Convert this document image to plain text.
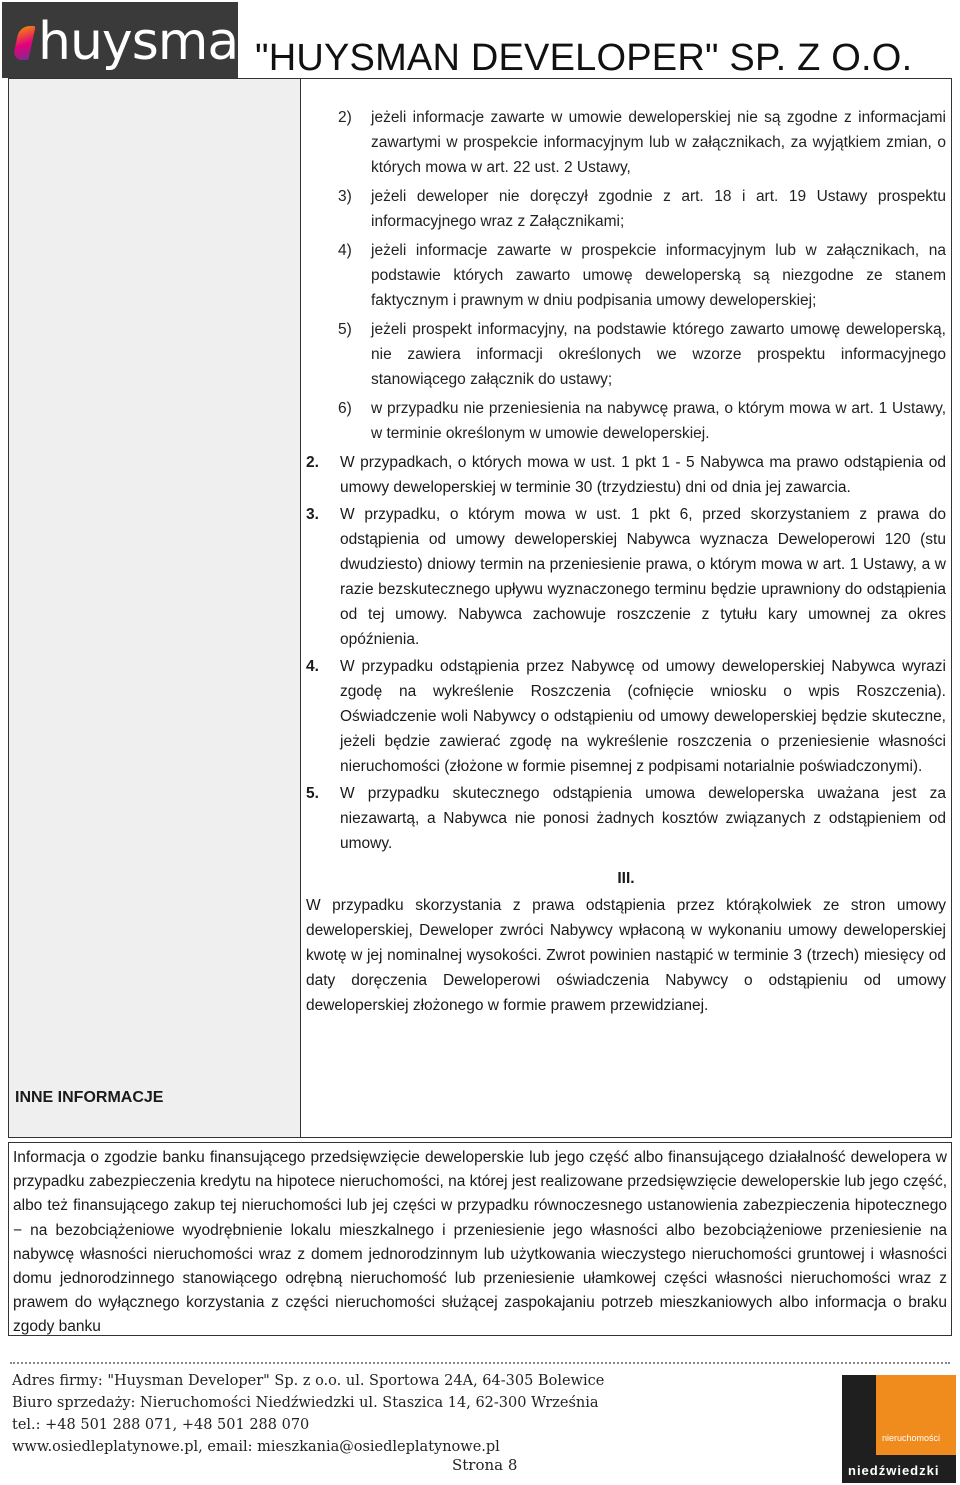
huysman
"HUYSMAN DEVELOPER" SP. Z O.O.
INNE INFORMACJE
2) jeżeli informacje zawarte w umowie deweloperskiej nie są zgodne z informacjami zawartymi w prospekcie informacyjnym lub w załącznikach, za wyjątkiem zmian, o których mowa w art. 22 ust. 2 Ustawy,
3) jeżeli deweloper nie doręczył zgodnie z art. 18 i art. 19 Ustawy prospektu informacyjnego wraz z Załącznikami;
4) jeżeli informacje zawarte w prospekcie informacyjnym lub w załącznikach, na podstawie których zawarto umowę deweloperską są niezgodne ze stanem faktycznym i prawnym w dniu podpisania umowy deweloperskiej;
5) jeżeli prospekt informacyjny, na podstawie którego zawarto umowę deweloperską, nie zawiera informacji określonych we wzorze prospektu informacyjnego stanowiącego załącznik do ustawy;
6) w przypadku nie przeniesienia na nabywcę prawa, o którym mowa w art. 1 Ustawy, w terminie określonym w umowie deweloperskiej.
2. W przypadkach, o których mowa w ust. 1 pkt 1 - 5 Nabywca ma prawo odstąpienia od umowy deweloperskiej w terminie 30 (trzydziestu) dni od dnia jej zawarcia.
3. W przypadku, o którym mowa w ust. 1 pkt 6, przed skorzystaniem z prawa do odstąpienia od umowy deweloperskiej Nabywca wyznacza Deweloperowi 120 (stu dwudziesto) dniowy termin na przeniesienie prawa, o którym mowa w art. 1 Ustawy, a w razie bezskutecznego upływu wyznaczonego terminu będzie uprawniony do odstąpienia od tej umowy. Nabywca zachowuje roszczenie z tytułu kary umownej za okres opóźnienia.
4. W przypadku odstąpienia przez Nabywcę od umowy deweloperskiej Nabywca wyrazi zgodę na wykreślenie Roszczenia (cofnięcie wniosku o wpis Roszczenia). Oświadczenie woli Nabywcy o odstąpieniu od umowy deweloperskiej będzie skuteczne, jeżeli będzie zawierać zgodę na wykreślenie roszczenia o przeniesienie własności nieruchomości (złożone w formie pisemnej z podpisami notarialnie poświadczonymi).
5. W przypadku skutecznego odstąpienia umowa deweloperska uważana jest za niezawartą, a Nabywca nie ponosi żadnych kosztów związanych z odstąpieniem od umowy.
III.
W przypadku skorzystania z prawa odstąpienia przez którąkolwiek ze stron umowy deweloperskiej, Deweloper zwróci Nabywcy wpłaconą w wykonaniu umowy deweloperskiej kwotę w jej nominalnej wysokości. Zwrot powinien nastąpić w terminie 3 (trzech) miesięcy od daty doręczenia Deweloperowi oświadczenia Nabywcy o odstąpieniu od umowy deweloperskiej złożonego w formie prawem przewidzianej.
Informacja o zgodzie banku finansującego przedsięwzięcie deweloperskie lub jego część albo finansującego działalność dewelopera w przypadku zabezpieczenia kredytu na hipotece nieruchomości, na której jest realizowane przedsięwzięcie deweloperskie lub jego część, albo też finansującego zakup tej nieruchomości lub jej części w przypadku równoczesnego ustanowienia zabezpieczenia hipotecznego − na bezobciążeniowe wyodrębnienie lokalu mieszkalnego i przeniesienie jego własności albo bezobciążeniowe przeniesienie na nabywcę własności nieruchomości wraz z domem jednorodzinnym lub użytkowania wieczystego nieruchomości gruntowej i własności domu jednorodzinnego stanowiącego odrębną nieruchomość lub przeniesienie ułamkowej części własności nieruchomości wraz z prawem do wyłącznego korzystania z części nieruchomości służącej zaspokajaniu potrzeb mieszkaniowych albo informacja o braku zgody banku
Adres firmy: "Huysman Developer" Sp. z o.o. ul. Sportowa 24A, 64-305 Bolewice
Biuro sprzedaży: Nieruchomości Niedźwiedzki ul. Staszica 14, 62-300 Września
tel.: +48 501 288 071, +48 501 288 070
www.osiedleplatynowe.pl, email: mieszkania@osiedleplatynowe.pl
Strona 8
nieruchomości
niedźwiedzki
